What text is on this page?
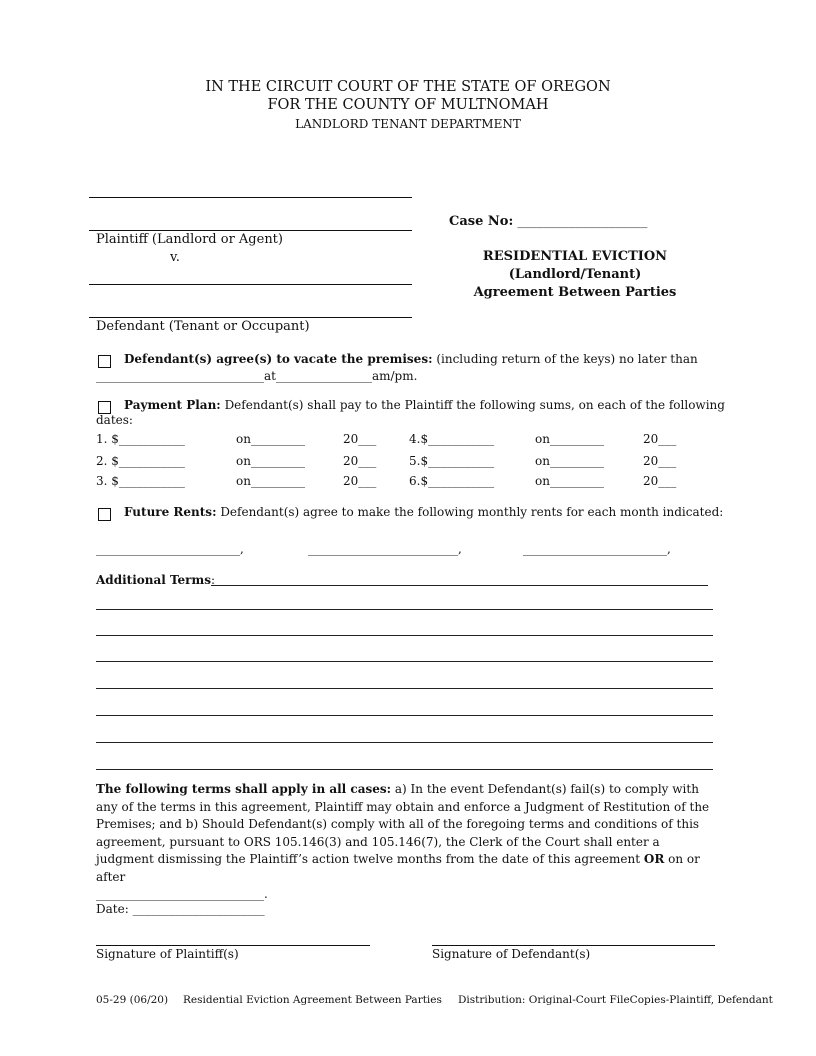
IN THE CIRCUIT COURT OF THE STATE OF OREGON
FOR THE COUNTY OF MULTNOMAH
LANDLORD TENANT DEPARTMENT
Plaintiff (Landlord or Agent)
v.
Defendant (Tenant or Occupant)
Case No: ____________________
RESIDENTIAL EVICTION
(Landlord/Tenant)
Agreement Between Parties
Defendant(s) agree(s) to vacate the premises: (including return of the keys) no later than
____________________________at________________am/pm.
Payment Plan: Defendant(s) shall pay to the Plaintiff the following sums, on each of the following
dates:
1. $___________	on_________	20___	4.$___________	on_________	20___
2. $___________	on_________	20___	5.$___________	on_________	20___
3. $___________	on_________	20___	6.$___________	on_________	20___
Future Rents: Defendant(s) agree to make the following monthly rents for each month indicated:
________________________,	_________________________,	________________________,
Additional Terms:
The following terms shall apply in all cases: a) In the event Defendant(s) fail(s) to comply with any of the terms in this agreement, Plaintiff may obtain and enforce a Judgment of Restitution of the Premises; and b) Should Defendant(s) comply with all of the foregoing terms and conditions of this agreement, pursuant to ORS 105.146(3) and 105.146(7), the Clerk of the Court shall enter a judgment dismissing the Plaintiff’s action twelve months from the date of this agreement OR on or after
____________________________.
Date: ______________________
Signature of Plaintiff(s)	Signature of Defendant(s)
05-29 (06/20) Residential Eviction Agreement Between Parties Distribution: Original-Court FileCopies-Plaintiff, Defendant
